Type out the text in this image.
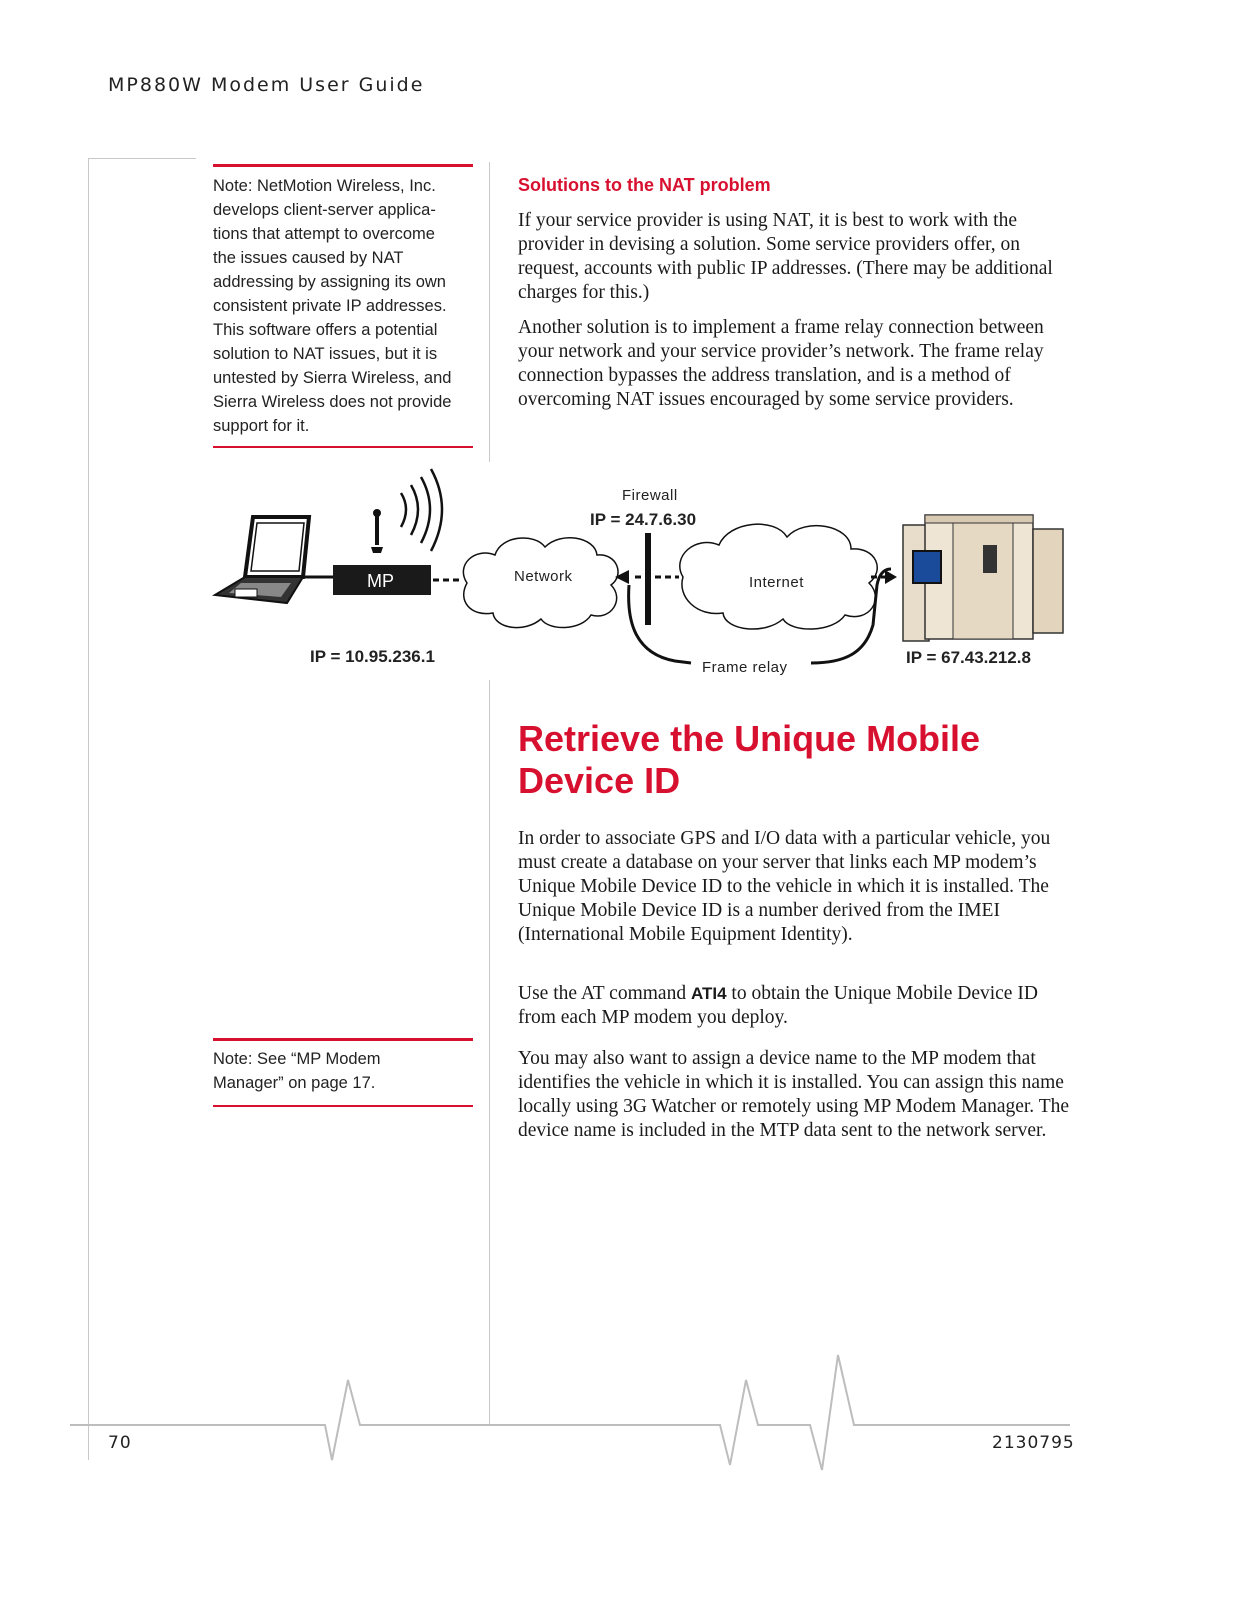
MP880W Modem User Guide
Note: NetMotion Wireless, Inc.
develops client-server applica-
tions that attempt to overcome
the issues caused by NAT
addressing by assigning its own
consistent private IP addresses.
This software offers a potential
solution to NAT issues, but it is
untested by Sierra Wireless, and
Sierra Wireless does not provide
support for it.
Solutions to the NAT problem
If your service provider is using NAT, it is best to work with the provider in devising a solution. Some service providers offer, on request, accounts with public IP addresses. (There may be additional charges for this.)
Another solution is to implement a frame relay connection between your network and your service provider’s network. The frame relay connection bypasses the address translation, and is a method of overcoming NAT issues encouraged by some service providers.
MP
Firewall
IP = 24.7.6.30
Network	Internet
IP = 10.95.236.1
Frame relay
IP = 67.43.212.8
Retrieve the Unique Mobile Device ID
In order to associate GPS and I/O data with a particular vehicle, you must create a database on your server that links each MP modem’s Unique Mobile Device ID to the vehicle in which it is installed. The Unique Mobile Device ID is a number derived from the IMEI (International Mobile Equipment Identity).
Use the AT command ATI4 to obtain the Unique Mobile Device ID from each MP modem you deploy.
You may also want to assign a device name to the MP modem that identifies the vehicle in which it is installed. You can assign this name locally using 3G Watcher or remotely using MP Modem Manager. The device name is included in the MTP data sent to the network server.
Note: See “MP Modem
Manager” on page 17.
70	2130795
